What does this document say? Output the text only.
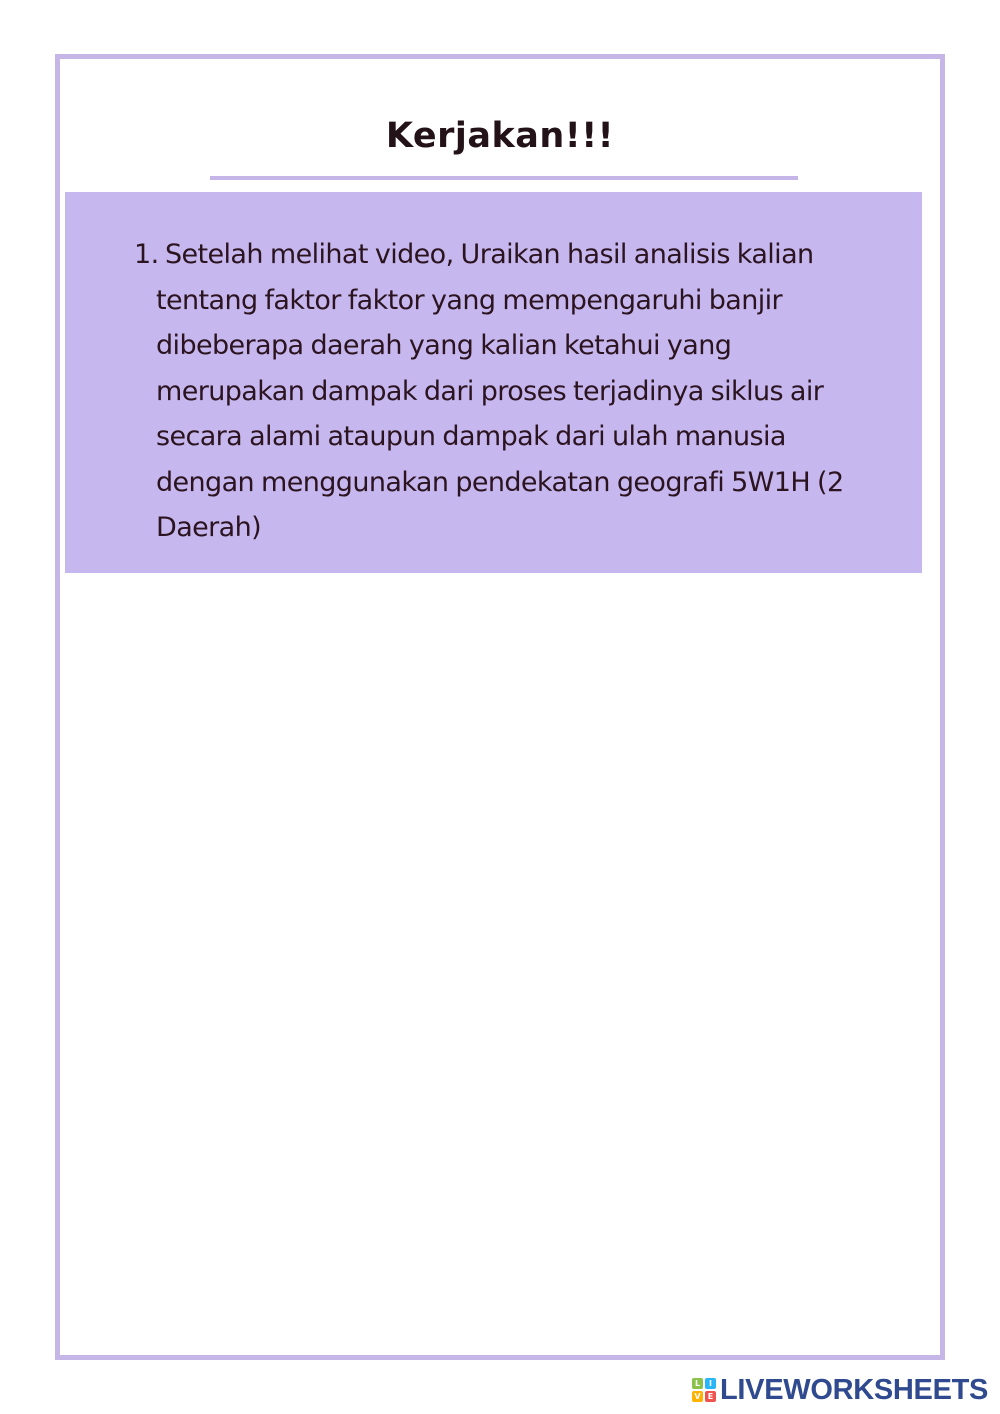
Kerjakan!!!
1. Setelah melihat video, Uraikan hasil analisis kalian
tentang faktor faktor yang mempengaruhi banjir
dibeberapa daerah yang kalian ketahui yang
merupakan dampak dari proses terjadinya siklus air
secara alami ataupun dampak dari ulah manusia
dengan menggunakan pendekatan geografi 5W1H (2
Daerah)
L	I
V E LIVEWORKSHEETS
